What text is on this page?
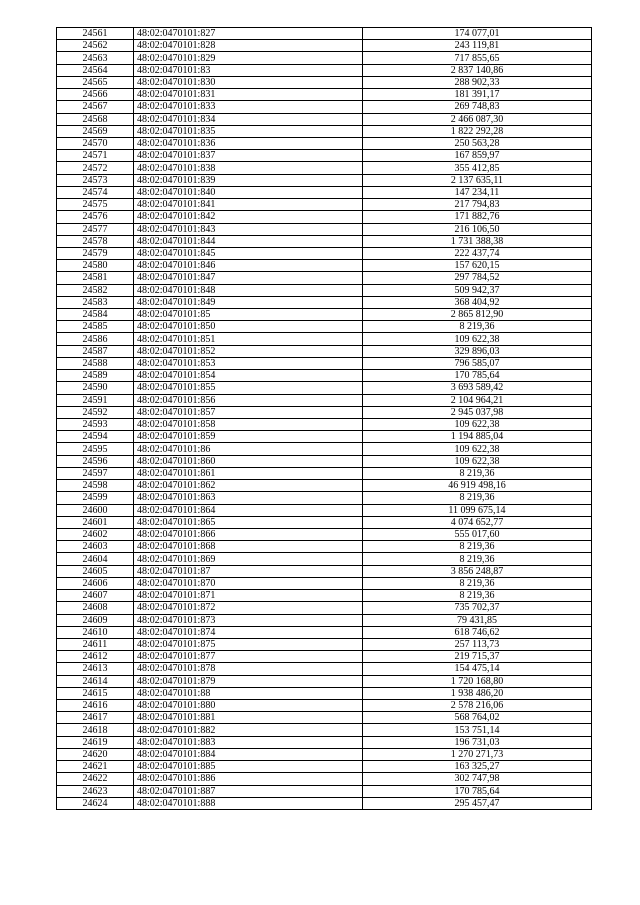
24561	48:02:0470101:827	174 077,01
24562	48:02:0470101:828	243 119,81
24563	48:02:0470101:829	717 855,65
24564	48:02:0470101:83	2 837 140,86
24565	48:02:0470101:830	288 902,33
24566	48:02:0470101:831	181 391,17
24567	48:02:0470101:833	269 748,83
24568	48:02:0470101:834	2 466 087,30
24569	48:02:0470101:835	1 822 292,28
24570	48:02:0470101:836	250 563,28
24571	48:02:0470101:837	167 859,97
24572	48:02:0470101:838	355 412,85
24573	48:02:0470101:839	2 137 635,11
24574	48:02:0470101:840	147 234,11
24575	48:02:0470101:841	217 794,83
24576	48:02:0470101:842	171 882,76
24577	48:02:0470101:843	216 106,50
24578	48:02:0470101:844	1 731 388,38
24579	48:02:0470101:845	222 437,74
24580	48:02:0470101:846	157 620,15
24581	48:02:0470101:847	297 784,52
24582	48:02:0470101:848	509 942,37
24583	48:02:0470101:849	368 404,92
24584	48:02:0470101:85	2 865 812,90
24585	48:02:0470101:850	8 219,36
24586	48:02:0470101:851	109 622,38
24587	48:02:0470101:852	329 896,03
24588	48:02:0470101:853	796 585,07
24589	48:02:0470101:854	170 785,64
24590	48:02:0470101:855	3 693 589,42
24591	48:02:0470101:856	2 104 964,21
24592	48:02:0470101:857	2 945 037,98
24593	48:02:0470101:858	109 622,38
24594	48:02:0470101:859	1 194 885,04
24595	48:02:0470101:86	109 622,38
24596	48:02:0470101:860	109 622,38
24597	48:02:0470101:861	8 219,36
24598	48:02:0470101:862	46 919 498,16
24599	48:02:0470101:863	8 219,36
24600	48:02:0470101:864	11 099 675,14
24601	48:02:0470101:865	4 074 652,77
24602	48:02:0470101:866	555 017,60
24603	48:02:0470101:868	8 219,36
24604	48:02:0470101:869	8 219,36
24605	48:02:0470101:87	3 856 248,87
24606	48:02:0470101:870	8 219,36
24607	48:02:0470101:871	8 219,36
24608	48:02:0470101:872	735 702,37
24609	48:02:0470101:873	79 431,85
24610	48:02:0470101:874	618 746,62
24611	48:02:0470101:875	257 113,73
24612	48:02:0470101:877	219 715,37
24613	48:02:0470101:878	154 475,14
24614	48:02:0470101:879	1 720 168,80
24615	48:02:0470101:88	1 938 486,20
24616	48:02:0470101:880	2 578 216,06
24617	48:02:0470101:881	568 764,02
24618	48:02:0470101:882	153 751,14
24619	48:02:0470101:883	196 731,03
24620	48:02:0470101:884	1 270 271,73
24621	48:02:0470101:885	163 325,27
24622	48:02:0470101:886	302 747,98
24623	48:02:0470101:887	170 785,64
24624	48:02:0470101:888	295 457,47
